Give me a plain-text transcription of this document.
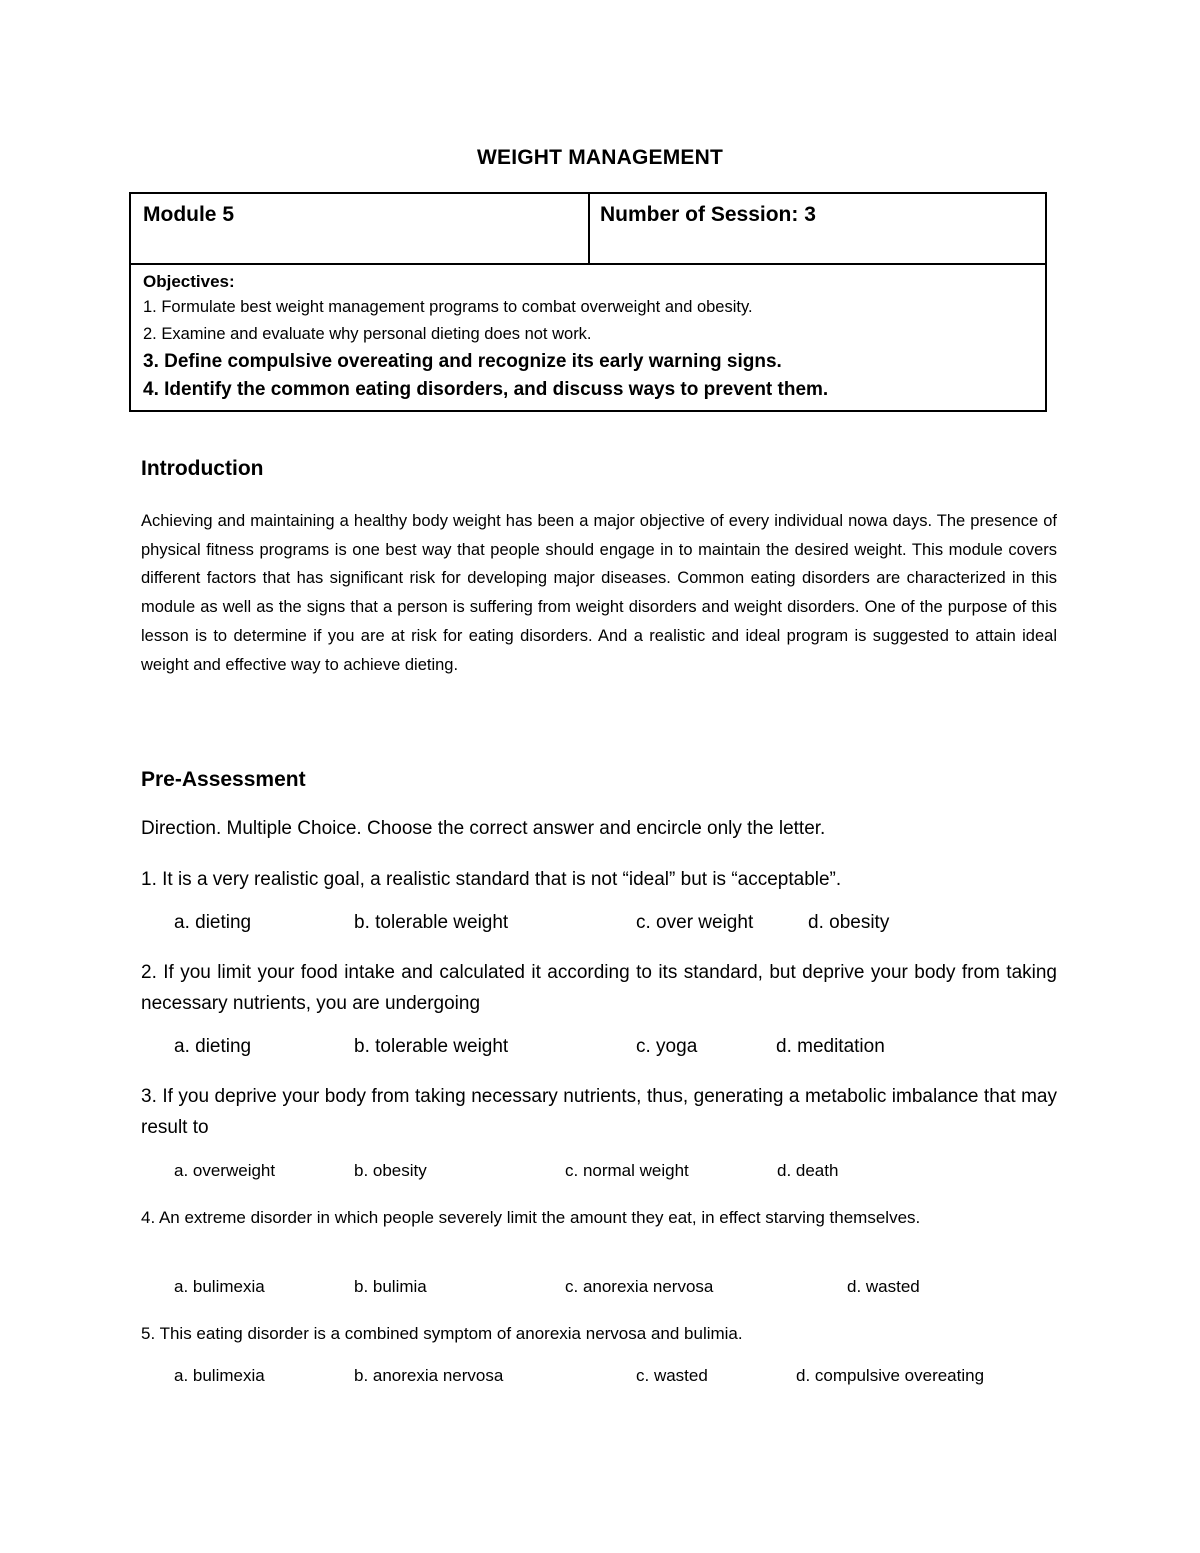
WEIGHT MANAGEMENT
Module 5	Number of Session: 3
Objectives:
1. Formulate best weight management programs to combat overweight and obesity.
2. Examine and evaluate why personal dieting does not work.
3. Define compulsive overeating and recognize its early warning signs.
4. Identify the common eating disorders, and discuss ways to prevent them.
Introduction
Achieving and maintaining a healthy body weight has been a major objective of every individual nowa days. The presence of physical fitness programs is one best way that people should engage in to maintain the desired weight. This module covers different factors that has significant risk for developing major diseases. Common eating disorders are characterized in this module as well as the signs that a person is suffering from weight disorders and weight disorders. One of the purpose of this lesson is to determine if you are at risk for eating disorders. And a realistic and ideal program is suggested to attain ideal weight and effective way to achieve dieting.
Pre-Assessment
Direction. Multiple Choice. Choose the correct answer and encircle only the letter.
1. It is a very realistic goal, a realistic standard that is not “ideal” but is “acceptable”.
a. dieting	b. tolerable weight	c. over weight	d. obesity
2. If you limit your food intake and calculated it according to its standard, but deprive your body from taking necessary nutrients, you are undergoing
a. dieting	b. tolerable weight	c. yoga	d. meditation
3. If you deprive your body from taking necessary nutrients, thus, generating a metabolic imbalance that may result to
a. overweight	b. obesity	c. normal weight	d. death
4. An extreme disorder in which people severely limit the amount they eat, in effect starving themselves.
a. bulimexia	b. bulimia	c. anorexia nervosa	d. wasted
5. This eating disorder is a combined symptom of anorexia nervosa and bulimia.
a. bulimexia	b. anorexia nervosa	c. wasted	d. compulsive overeating
